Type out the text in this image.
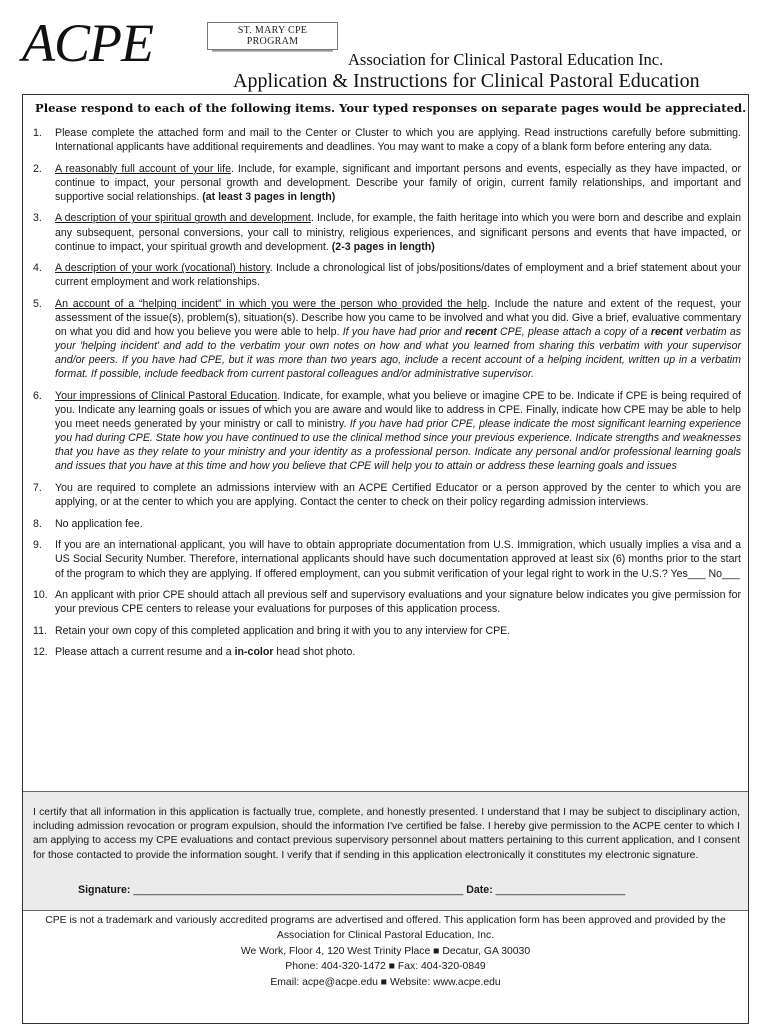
ACPE	ST. MARY CPE PROGRAM
Association for Clinical Pastoral Education Inc.
Application & Instructions for Clinical Pastoral Education
Please respond to each of the following items. Your typed responses on separate pages would be appreciated.
1.	Please complete the attached form and mail to the Center or Cluster to which you are applying. Read instructions carefully before submitting. International applicants have additional requirements and deadlines. You may want to make a copy of a blank form before entering any data.
2.	A reasonably full account of your life. Include, for example, significant and important persons and events, especially as they have impacted, or continue to impact, your personal growth and development. Describe your family of origin, current family relationships, and important and supportive social relationships. (at least 3 pages in length)
3.	A description of your spiritual growth and development. Include, for example, the faith heritage into which you were born and describe and explain any subsequent, personal conversions, your call to ministry, religious experiences, and significant persons and events that have impacted, or continue to impact, your spiritual growth and development. (2-3 pages in length)
4.	A description of your work (vocational) history. Include a chronological list of jobs/positions/dates of employment and a brief statement about your current employment and work relationships.
5.	An account of a “helping incident” in which you were the person who provided the help. Include the nature and extent of the request, your assessment of the issue(s), problem(s), situation(s). Describe how you came to be involved and what you did. Give a brief, evaluative commentary on what you did and how you believe you were able to help. If you have had prior and recent CPE, please attach a copy of a recent verbatim as your 'helping incident' and add to the verbatim your own notes on how and what you learned from sharing this verbatim with your supervisor and/or peers. If you have had CPE, but it was more than two years ago, include a recent account of a helping incident, written up in a verbatim format. If possible, include feedback from current pastoral colleagues and/or administrative supervisor.
6.	Your impressions of Clinical Pastoral Education. Indicate, for example, what you believe or imagine CPE to be. Indicate if CPE is being required of you. Indicate any learning goals or issues of which you are aware and would like to address in CPE. Finally, indicate how CPE may be able to help you meet needs generated by your ministry or call to ministry. If you have had prior CPE, please indicate the most significant learning experience you had during CPE. State how you have continued to use the clinical method since your previous experience. Indicate strengths and weaknesses that you have as they relate to your ministry and your identity as a professional person. Indicate any personal and/or professional learning goals and issues that you have at this time and how you believe that CPE will help you to attain or address these learning goals and issues
7.	You are required to complete an admissions interview with an ACPE Certified Educator or a person approved by the center to which you are applying, or at the center to which you are applying. Contact the center to check on their policy regarding admission interviews.
8.	No application fee.
9.	If you are an international applicant, you will have to obtain appropriate documentation from U.S. Immigration, which usually implies a visa and a US Social Security Number. Therefore, international applicants should have such documentation approved at least six (6) months prior to the start of the program to which they are applying. If offered employment, can you submit verification of your legal right to work in the U.S.? Yes___ No___
10. An applicant with prior CPE should attach all previous self and supervisory evaluations and your signature below indicates you give permission for your previous CPE centers to release your evaluations for purposes of this application process.
11. Retain your own copy of this completed application and bring it with you to any interview for CPE.
12. Please attach a current resume and a in-color head shot photo.
I certify that all information in this application is factually true, complete, and honestly presented. I understand that I may be subject to disciplinary action, including admission revocation or program expulsion, should the information I've certified be false. I hereby give permission to the ACPE center to which I am applying to access my CPE evaluations and contact previous supervisory personnel about matters pertaining to this current application, and I consent for those contacted to provide the information sought. I verify that if sending in this application electronically it constitutes my electronic signature.
Signature: ________________________________________________________ Date: ______________________
CPE is not a trademark and variously accredited programs are advertised and offered. This application form has been approved and provided by the Association for Clinical Pastoral Education, Inc.
We Work, Floor 4, 120 West Trinity Place ■ Decatur, GA 30030
Phone: 404-320-1472 ■ Fax: 404-320-0849
Email: acpe@acpe.edu ■ Website: www.acpe.edu
